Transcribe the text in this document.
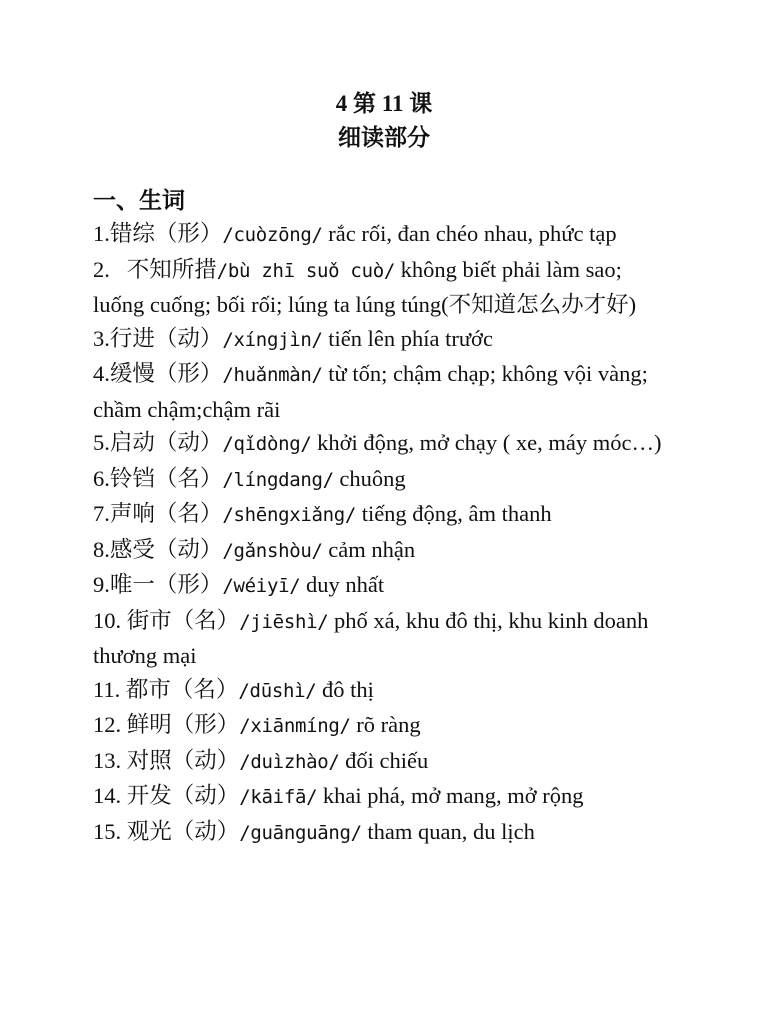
4 第 11 课
细读部分
一、生词
1.错综（形）/cuòzōng/ rắc rối, đan chéo nhau, phức tạp
2.   不知所措/bù zhī suǒ cuò/ không biết phải làm sao; luống cuống; bối rối; lúng ta lúng túng(不知道怎么办才好)
3.行进（动）/xíngjìn/ tiến lên phía trước
4.缓慢（形）/huǎnmàn/ từ tốn; chậm chạp; không vội vàng; chầm chậm;chậm rãi
5.启动（动）/qǐdòng/ khởi động, mở chạy ( xe, máy móc…)
6.铃铛（名）/língdang/ chuông
7.声响（名）/shēngxiǎng/ tiếng động, âm thanh
8.感受（动）/gǎnshòu/ cảm nhận
9.唯一（形）/wéiyī/ duy nhất
10. 街市（名）/jiēshì/ phố xá, khu đô thị, khu kinh doanh thương mại
11. 都市（名）/dūshì/ đô thị
12. 鲜明（形）/xiānmíng/ rõ ràng
13. 对照（动）/duìzhào/ đối chiếu
14. 开发（动）/kāifā/ khai phá, mở mang, mở rộng
15. 观光（动）/guānguāng/ tham quan, du lịch
